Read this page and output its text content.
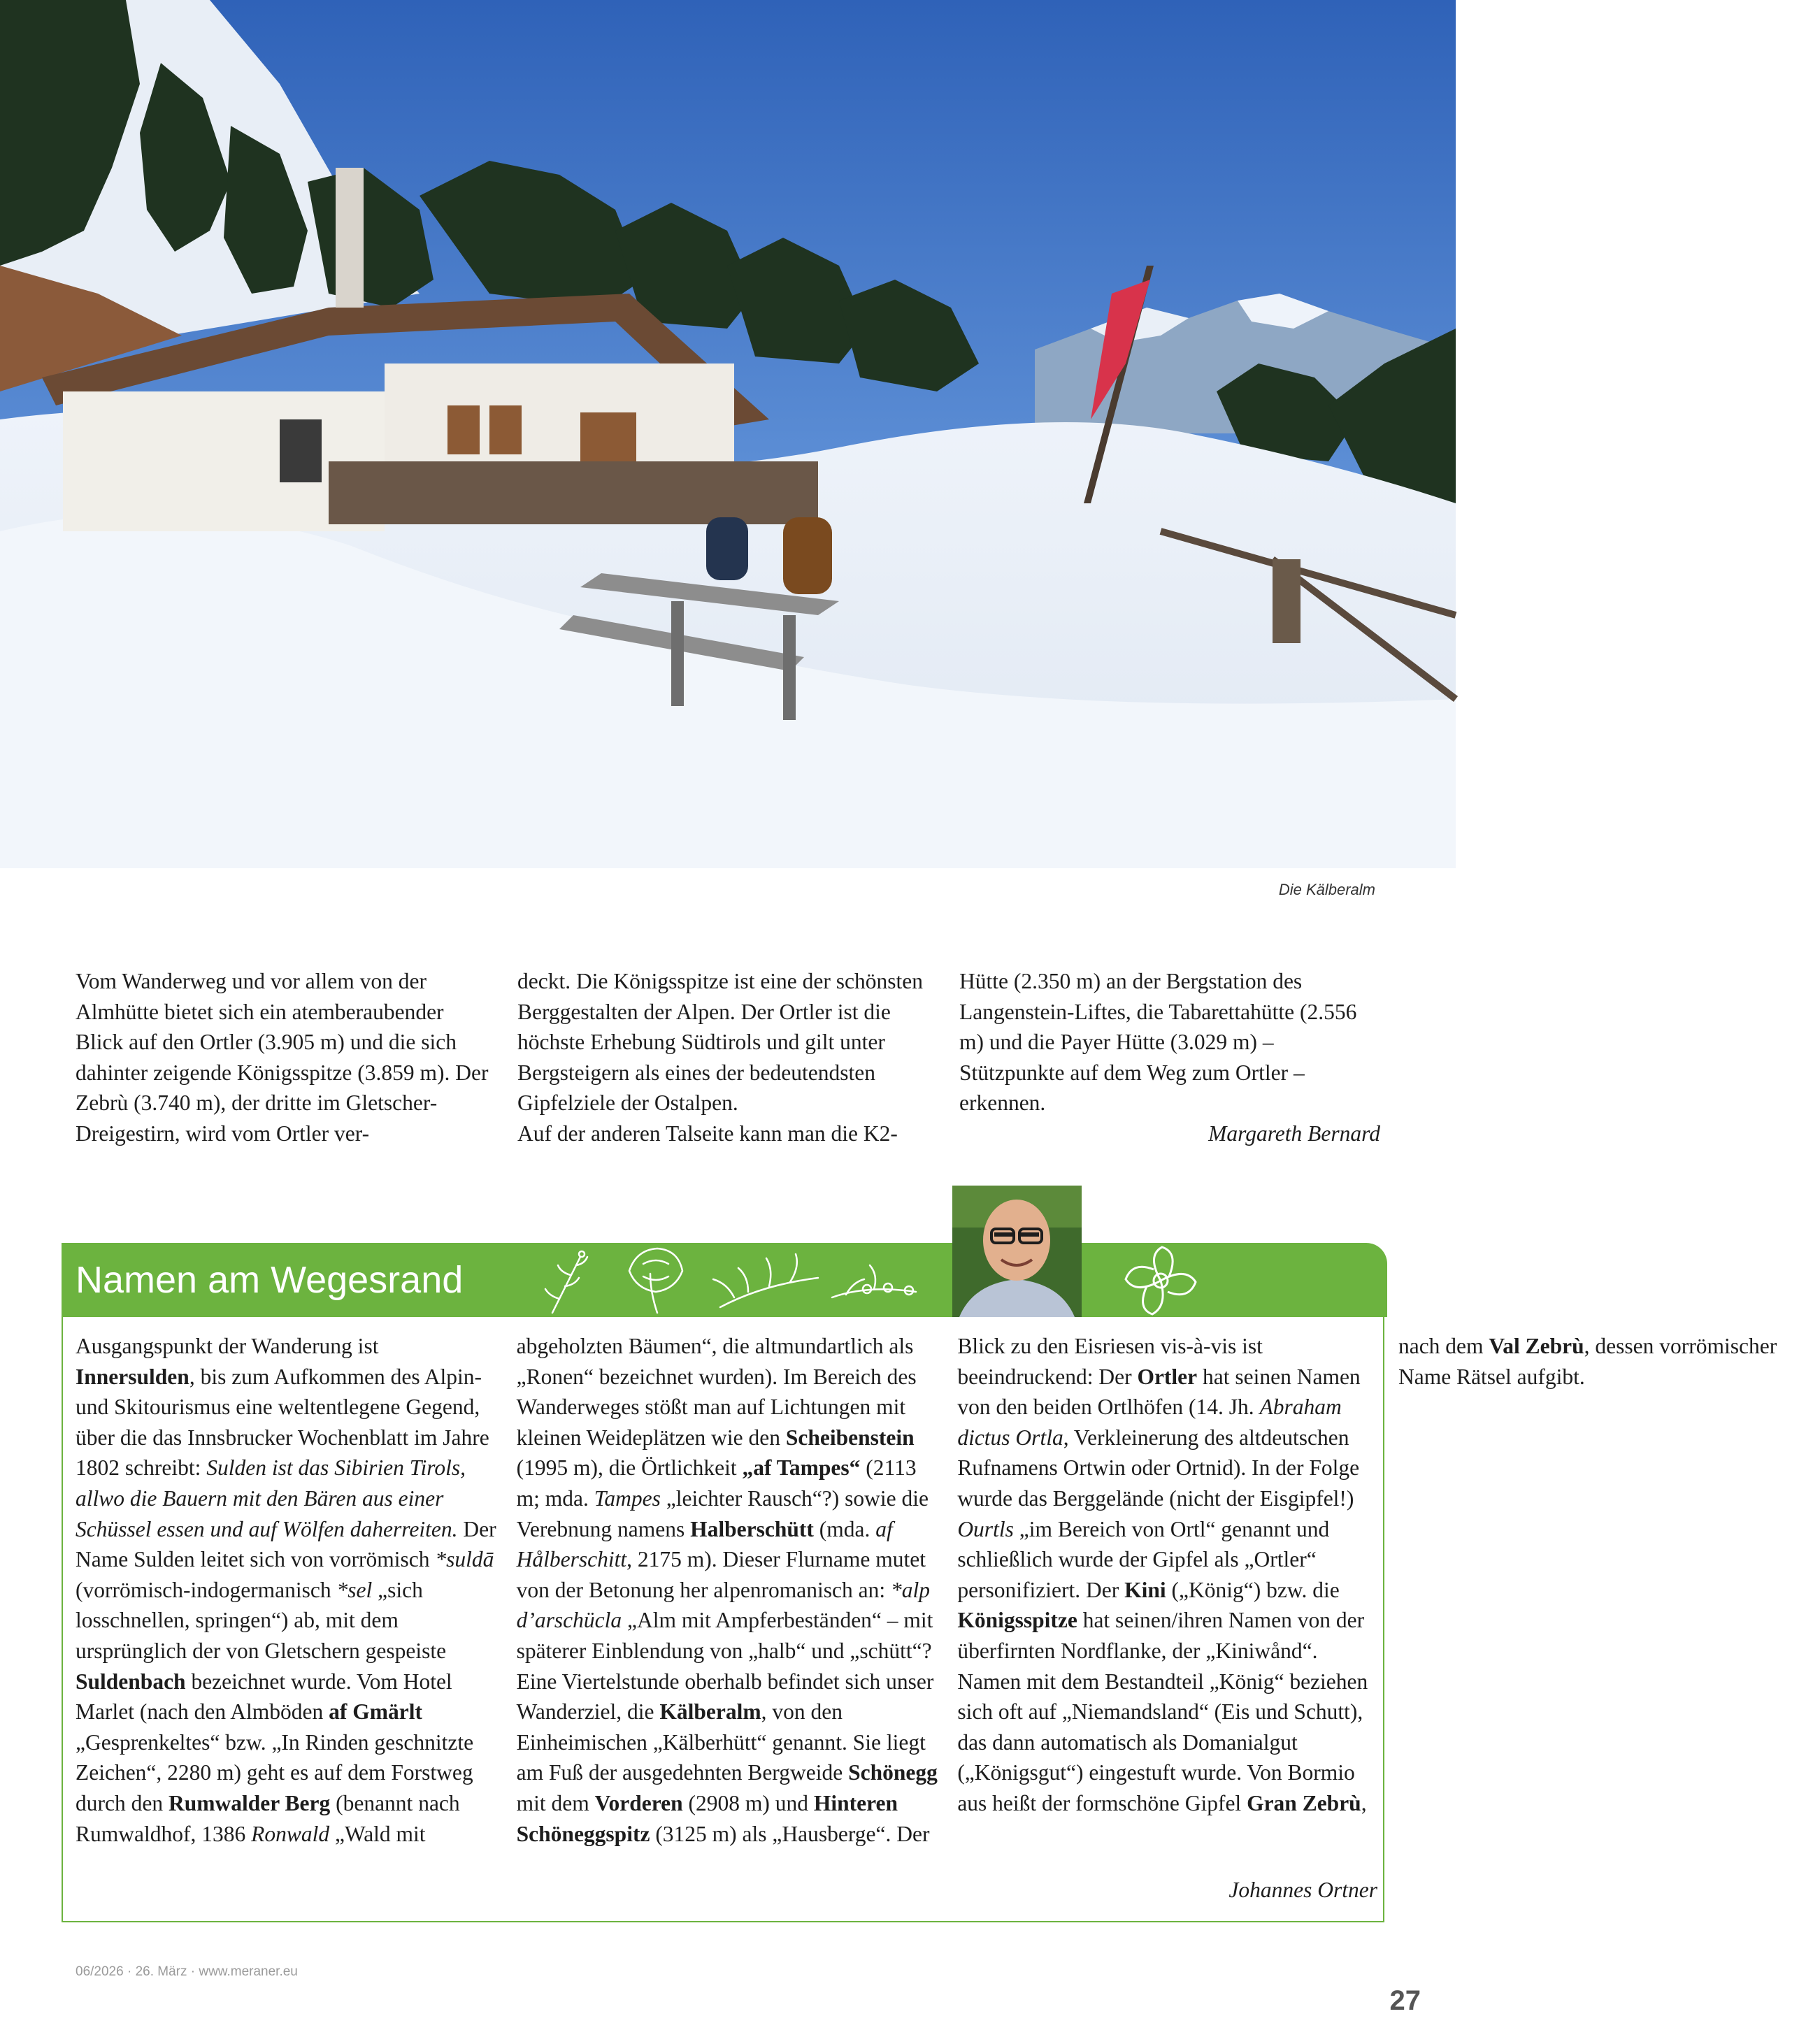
Die Kälberalm

Vom Wanderweg und vor allem von der Almhütte bietet sich ein atemberaubender Blick auf den Ortler (3.905 m) und die sich dahinter zeigende Königsspitze (3.859 m). Der Zebrù (3.740 m), der dritte im Gletscher-Dreigestirn, wird vom Ortler ver-

deckt. Die Königsspitze ist eine der schönsten Berggestalten der Alpen. Der Ortler ist die höchste Erhebung Südtirols und gilt unter Bergsteigern als eines der bedeutendsten Gipfelziele der Ostalpen.

Auf der anderen Talseite kann man die K2-

Hütte (2.350 m) an der Bergstation des Langenstein-Liftes, die Tabarettahütte (2.556 m) und die Payer Hütte (3.029 m) – Stützpunkte auf dem Weg zum Ortler – erkennen.

Margareth Bernard

Namen am Wegesrand

Ausgangspunkt der Wanderung ist Innersulden, bis zum Aufkommen des Alpin- und Skitourismus eine weltentlegene Gegend, über die das Innsbrucker Wochenblatt im Jahre 1802 schreibt: Sulden ist das Sibirien Tirols, allwo die Bauern mit den Bären aus einer Schüssel essen und auf Wölfen daherreiten. Der Name Sulden leitet sich von vorrömisch *suldā (vorrömisch-indogermanisch *sel „sich losschnellen, springen“) ab, mit dem ursprünglich der von Gletschern gespeiste Suldenbach bezeichnet wurde. Vom Hotel Marlet (nach den Almböden af Gmärlt „Gesprenkeltes“ bzw. „In Rinden geschnitzte Zeichen“, 2280 m) geht es auf dem Forstweg durch den Rumwalder Berg (benannt nach Rumwaldhof, 1386 Ronwald „Wald mit abgeholzten Bäumen“, die altmundartlich als „Ronen“ bezeichnet wurden). Im Bereich des Wanderweges stößt man auf Lichtungen mit kleinen Weideplätzen wie den Scheibenstein (1995 m), die Örtlichkeit „af Tampes“ (2113 m; mda. Tampes „leichter Rausch“?) sowie die Verebnung namens Halberschütt (mda. af Hålberschitt, 2175 m). Dieser Flurname mutet von der Betonung her alpenromanisch an: *alp d’arschücla „Alm mit Ampferbeständen“ – mit späterer Einblendung von „halb“ und „schütt“? Eine Viertelstunde oberhalb befindet sich unser Wanderziel, die Kälberalm, von den Einheimischen „Kälberhütt“ genannt. Sie liegt am Fuß der ausgedehnten Bergweide Schönegg mit dem Vorderen (2908 m) und Hinteren Schöneggspitz (3125 m) als „Hausberge“. Der Blick zu den Eisriesen vis-à-vis ist beeindruckend: Der Ortler hat seinen Namen von den beiden Ortlhöfen (14. Jh. Abraham dictus Ortla, Verkleinerung des altdeutschen Rufnamens Ortwin oder Ortnid). In der Folge wurde das Berggelände (nicht der Eisgipfel!) Ourtls „im Bereich von Ortl“ genannt und schließlich wurde der Gipfel als „Ortler“ personifiziert. Der Kini („König“) bzw. die Königsspitze hat seinen/ihren Namen von der überfirnten Nordflanke, der „Kiniwånd“. Namen mit dem Bestandteil „König“ beziehen sich oft auf „Niemandsland“ (Eis und Schutt), das dann automatisch als Domanialgut („Königsgut“) eingestuft wurde. Von Bormio aus heißt der formschöne Gipfel Gran Zebrù, nach dem Val Zebrù, dessen vorrömischer Name Rätsel aufgibt.

Johannes Ortner

06/2026 · 26. März · www.meraner.eu
27
